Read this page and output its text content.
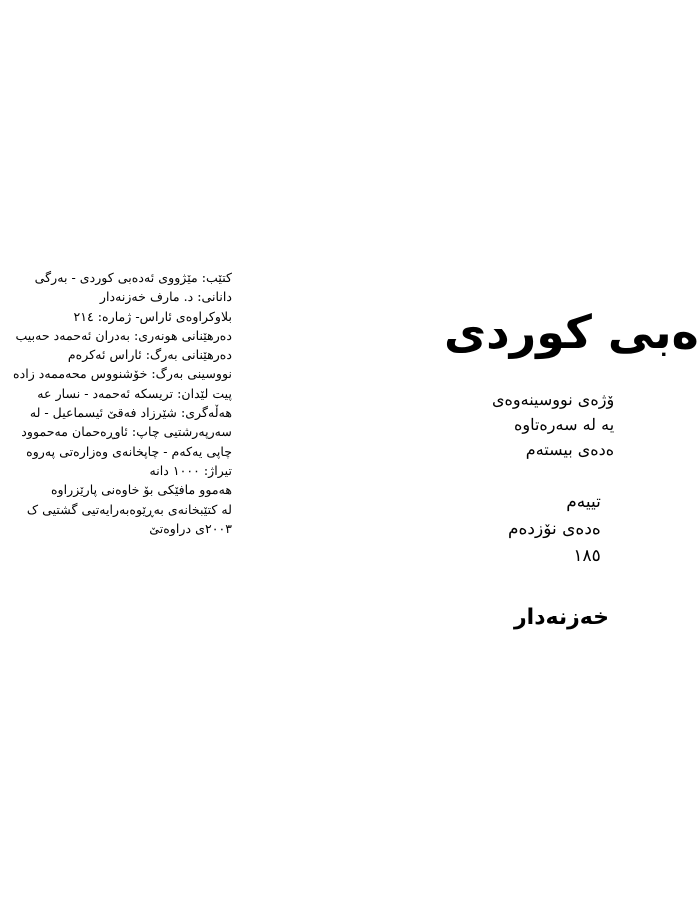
کتێب: مێژووی ئەدەبی کوردی - بەرگی
دانانی: د. مارف خەزنەدار
بلاوکراوەی ئاراس- ژمارە: ٢١٤
دەرهێنانی هونەری: بەدران ئەحمەد حەبیب
دەرهێنانی بەرگ: ئاراس ئەکرەم
نووسینی بەرگ: خۆشنووس محەممەد زادە
پیت لێدان: تریسکە ئەحمەد - نسار عە
هەڵەگری: شێرزاد فەقێ ئیسماعیل - لە
سەرپەرشتیی چاپ: ئاوڕەحمان مەحموود
چاپی یەکەم - چاپخانەی وەزارەتی پەروە
تیراژ: ١٠٠٠ دانە
هەموو مافێکی بۆ خاوەنی پارێزراوە
لە کتێبخانەی بەڕێوەبەرایەتیی گشتیی ک
٢٠٠٣ی دراوەتێ
ەبی کوردی
ۆژەی نووسینەوەی
یە لە سەرەتاوە
ەدەی بیستەم
تییەم
ەدەی نۆزدەم
١٨٥
خەزنەدار
